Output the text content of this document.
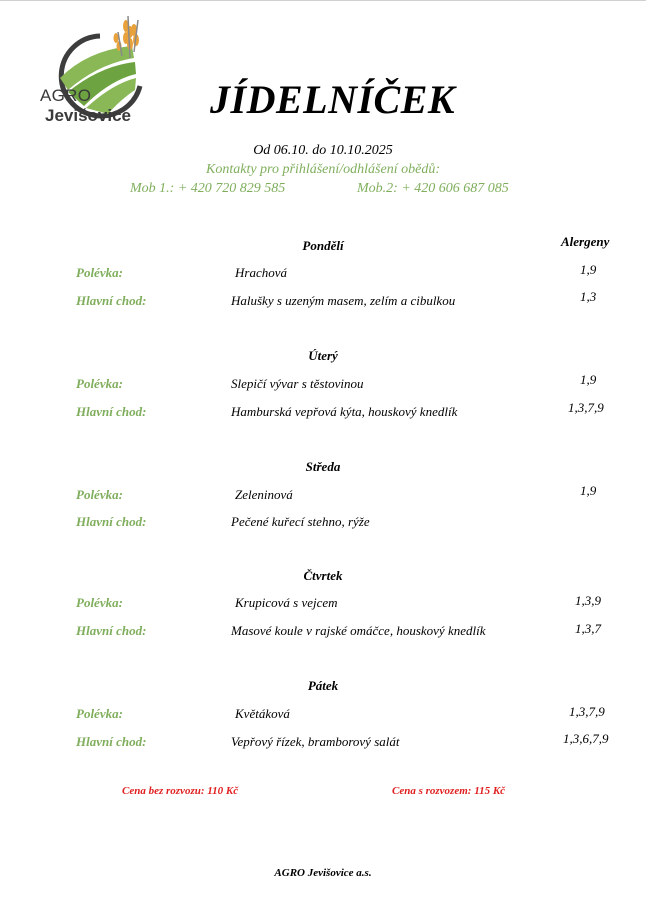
AGRO
Jevišovice JÍDELNÍČEK
Od 06.10. do 10.10.2025
Kontakty pro přihlášení/odhlášení obědů:
Mob 1.: + 420 720 829 585	Mob.2: + 420 606 687 085
Alergeny
Pondělí
Polévka:	Hrachová	1,9
Hlavní chod:	Halušky s uzeným masem, zelím a cibulkou	1,3
Úterý
Polévka:	Slepičí vývar s těstovinou	1,9
Hlavní chod:	Hamburská vepřová kýta, houskový knedlík	1,3,7,9
Středa
Polévka:	Zeleninová	1,9
Hlavní chod:	Pečené kuřecí stehno, rýže
Čtvrtek
Polévka:	Krupicová s vejcem	1,3,9
Hlavní chod:	Masové koule v rajské omáčce, houskový knedlík	1,3,7
Pátek
Polévka:	Květáková	1,3,7,9
Hlavní chod:	Vepřový řízek, bramborový salát	1,3,6,7,9
Cena bez rozvozu: 110 Kč	Cena s rozvozem: 115 Kč
AGRO Jevišovice a.s.
